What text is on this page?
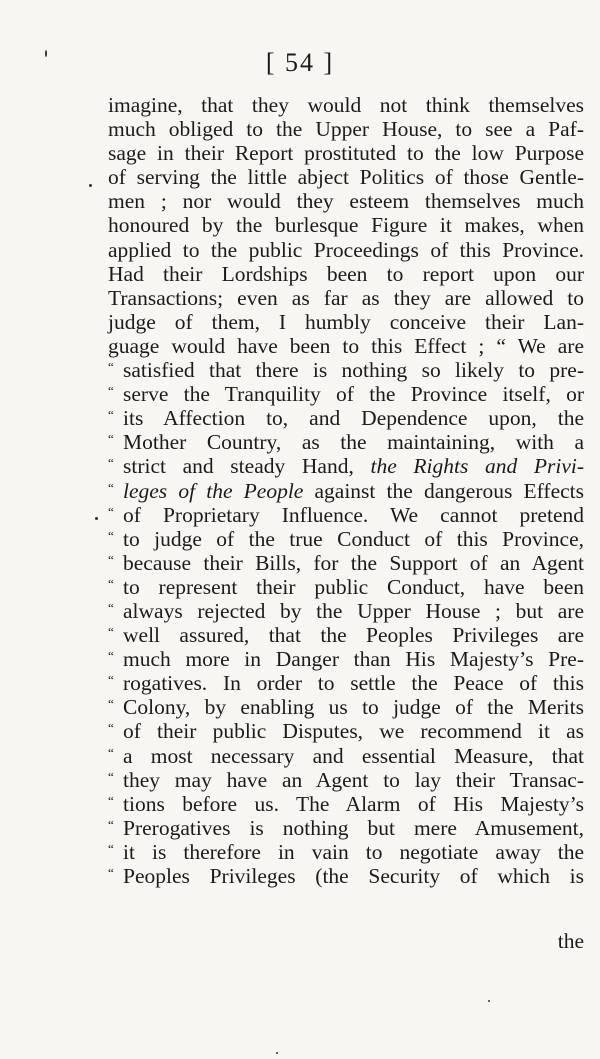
[ 54 ]
imagine, that they would not think themselves
much obliged to the Upper House, to see a Paf-
sage in their Report prostituted to the low Purpose
of serving the little abject Politics of those Gentle-
men ; nor would they esteem themselves much
honoured by the burlesque Figure it makes, when
applied to the public Proceedings of this Province.
Had their Lordships been to report upon our
Transactions; even as far as they are allowed to
judge of them, I humbly conceive their Lan-
guage would have been to this Effect ; “ We are
“ satisfied that there is nothing so likely to pre-
“ serve the Tranquility of the Province itself, or
“ its Affection to, and Dependence upon, the
“ Mother Country, as the maintaining, with a
“ strict and steady Hand, the Rights and Privi-
“ leges of the People against the dangerous Effects
“ of Proprietary Influence. We cannot pretend
“ to judge of the true Conduct of this Province,
“ because their Bills, for the Support of an Agent
“ to represent their public Conduct, have been
“ always rejected by the Upper House ; but are
“ well assured, that the Peoples Privileges are
“ much more in Danger than His Majesty’s Pre-
“ rogatives. In order to settle the Peace of this
“ Colony, by enabling us to judge of the Merits
“ of their public Disputes, we recommend it as
“ a most necessary and essential Measure, that
“ they may have an Agent to lay their Transac-
“ tions before us. The Alarm of His Majesty’s
“ Prerogatives is nothing but mere Amusement,
“ it is therefore in vain to negotiate away the
“ Peoples Privileges (the Security of which is
the
